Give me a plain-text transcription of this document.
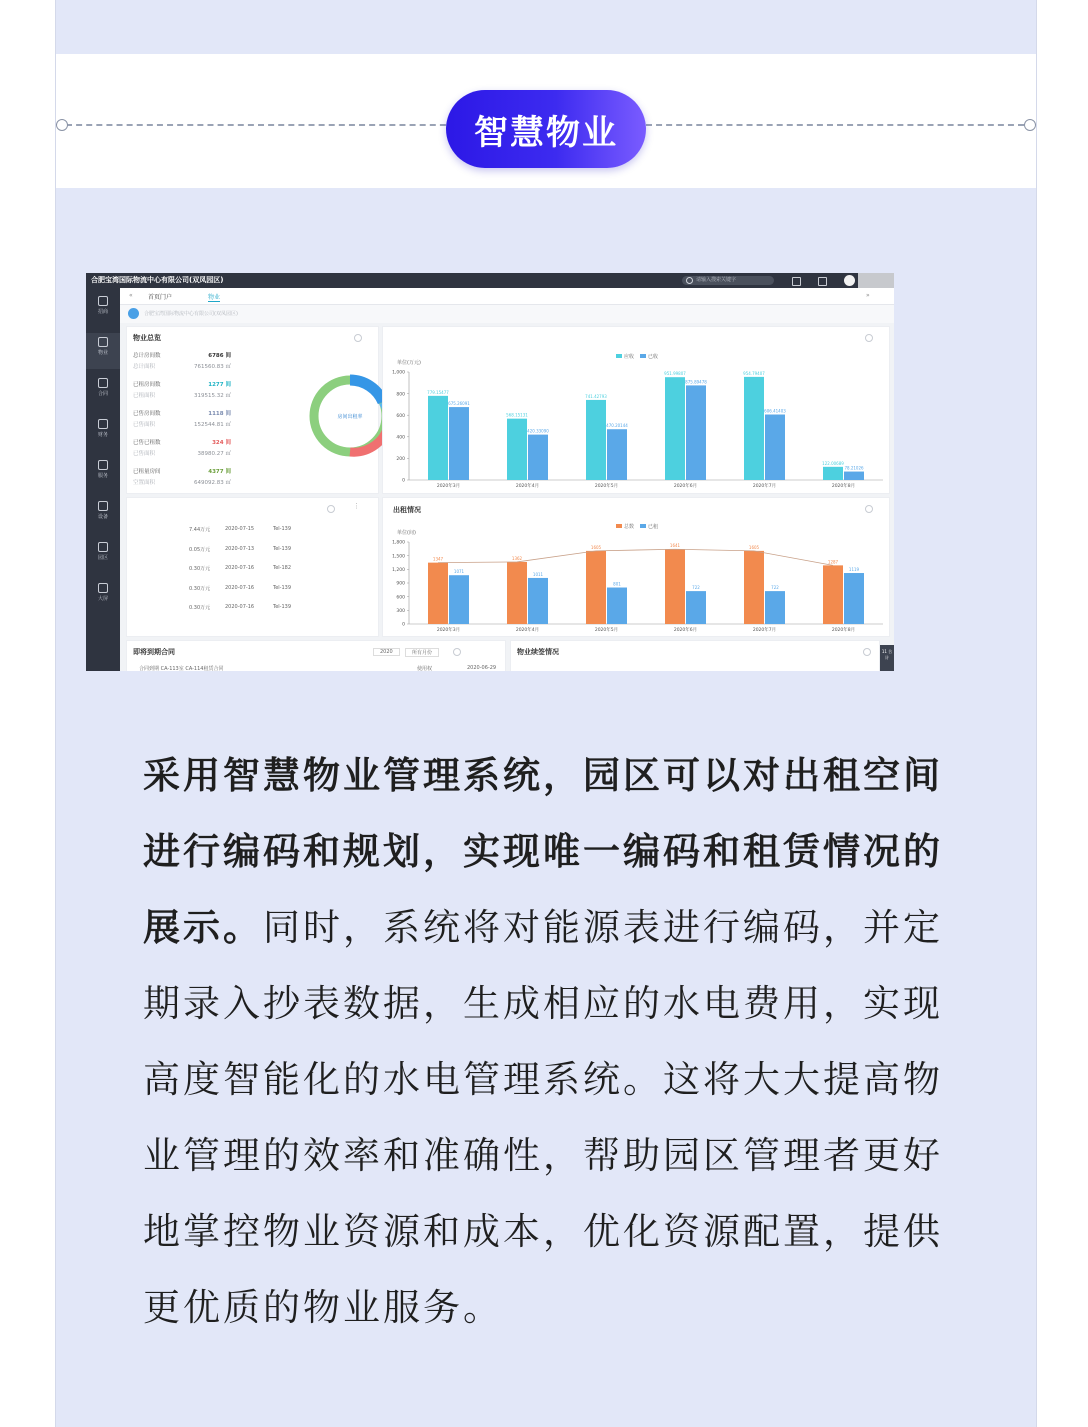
智慧物业
合肥宝湾国际物流中心有限公司(双凤园区)	请输入搜索关键字
招商
物业
合同
财务
服务
设备
园区
大屏
«	首页门户	物业	»
合肥宝湾国际物流中心有限公司(双凤园区)
物业总览
房间出租率
总计房间数	6786 间
总计面积	761560.83 ㎡
已租房间数	1277 间
已租面积	319515.32 ㎡
已售房间数	1118 间
已售面积	152544.81 ㎡
已售已租数	324 间
已售面积	38980.27 ㎡
已租量房间	4377 间
空置面积	649092.83 ㎡
单位(万元)
应收	已收
0
200
400
600
800
1,000
2020年3月
779.15477
675.26091
2020年4月
568.15131
420.33090
2020年5月
741.42793
470.20144
2020年6月
951.99807
875.89478
2020年7月
954.79407
606.41403
2020年8月
122.00689
78.21026
⋮
7.44万元	2020-07-15	Tel-139
0.05万元	2020-07-13	Tel-139
0.30万元	2020-07-16	Tel-182
0.30万元	2020-07-16	Tel-139
0.30万元	2020-07-16	Tel-139
出租情况
单位(间)
总数	已租
0
300
600
900
1,200
1,500
1,800
2020年3月
1347
1071
2020年4月
1362
1011
2020年5月
1605
801
2020年6月
1641
722
2020年7月
1605
722
2020年8月
1287
1119
即将到期合同	2020	所有月份
合同到期 CA-113室 CA-114租赁合同	使用权	2020-06-29
物业续签情况	11 合计
采用智慧物业管理系统，园区可以对出租空间进行编码和规划，实现唯一编码和租赁情况的展示。同时，系统将对能源表进行编码，并定期录入抄表数据，生成相应的水电费用，实现高度智能化的水电管理系统。这将大大提高物业管理的效率和准确性，帮助园区管理者更好地掌控物业资源和成本，优化资源配置，提供更优质的物业服务。
